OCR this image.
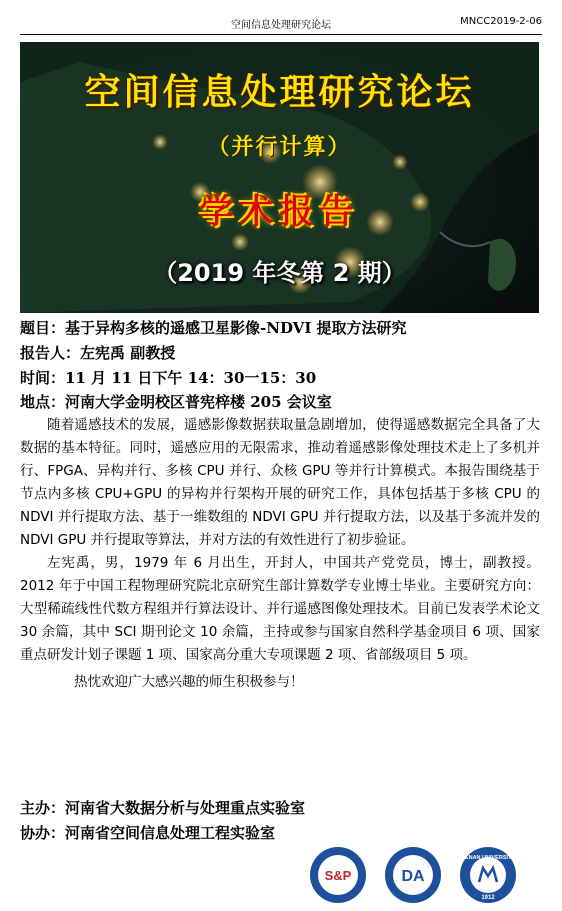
空间信息处理研究论坛	MNCC2019-2-06
空间信息处理研究论坛
（并行计算）
学术报告
（2019 年冬第 2 期）
题目：基于异构多核的遥感卫星影像-NDVI 提取方法研究
报告人：左宪禹 副教授
时间：11 月 11 日下午 14：30一15：30
地点：河南大学金明校区普宪梓楼 205 会议室

随着遥感技术的发展，遥感影像数据获取量急剧增加，使得遥感数据完全具备了大数据的基本特征。同时，遥感应用的无限需求，推动着遥感影像处理技术走上了多机并行、FPGA、异构并行、多核 CPU 并行、众核 GPU 等并行计算模式。本报告围绕基于节点内多核 CPU+GPU 的异构并行架构开展的研究工作，具体包括基于多核 CPU 的 NDVI 并行提取方法、基于一维数组的 NDVI GPU 并行提取方法，以及基于多流并发的 NDVI GPU 并行提取等算法，并对方法的有效性进行了初步验证。

左宪禹，男，1979 年 6 月出生，开封人，中国共产党党员，博士，副教授。2012 年于中国工程物理研究院北京研究生部计算数学专业博士毕业。主要研究方向：大型稀疏线性代数方程组并行算法设计、并行遥感图像处理技术。目前已发表学术论文 30 余篇，其中 SCI 期刊论文 10 余篇，主持或参与国家自然科学基金项目 6 项、国家重点研发计划子课题 1 项、国家高分重大专项课题 2 项、省部级项目 5 项。

热忱欢迎广大感兴趣的师生积极参与！

主办：河南省大数据分析与处理重点实验室
协办：河南省空间信息处理工程实验室
S&P	DA
HENAN UNIVERSITY
1912
